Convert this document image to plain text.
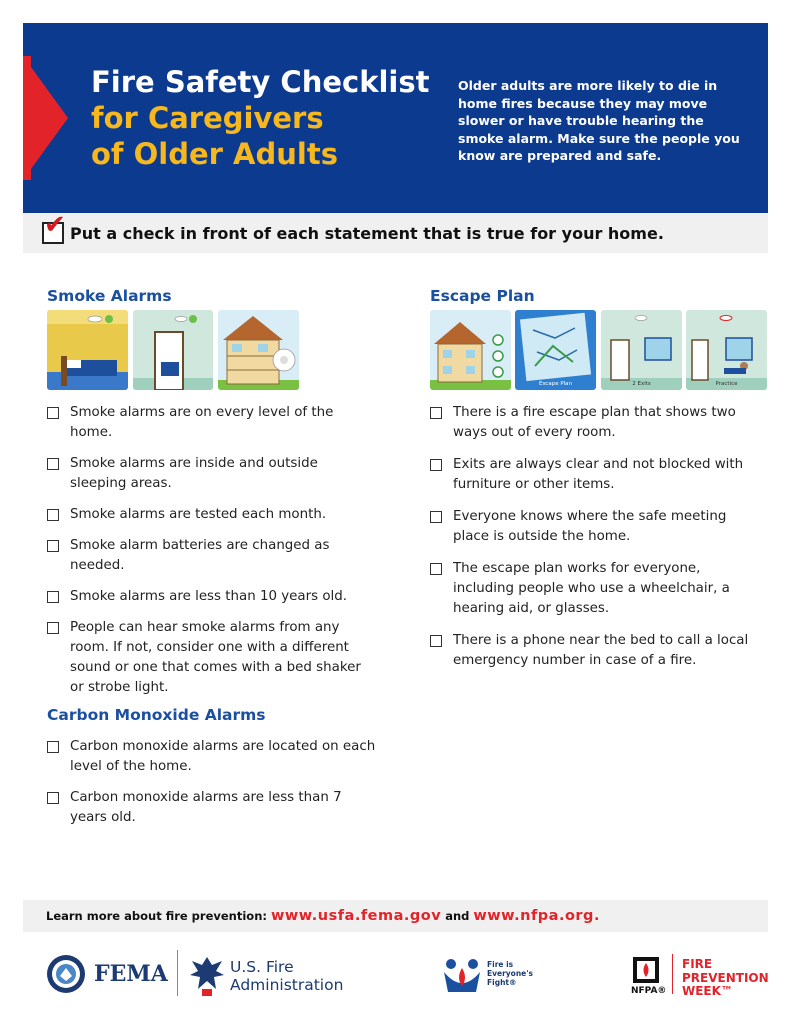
Fire Safety Checklist
for Caregivers
of Older Adults
Older adults are more likely to die in home fires because they may move slower or have trouble hearing the smoke alarm. Make sure the people you know are prepared and safe.
✔ Put a check in front of each statement that is true for your home.
Smoke Alarms
Smoke alarms are on every level of the home.
Smoke alarms are inside and outside sleeping areas.
Smoke alarms are tested each month.
Smoke alarm batteries are changed as needed.
Smoke alarms are less than 10 years old.
People can hear smoke alarms from any room. If not, consider one with a different sound or one that comes with a bed shaker or strobe light.
Carbon Monoxide Alarms
Carbon monoxide alarms are located on each level of the home.
Carbon monoxide alarms are less than 7 years old.
Escape Plan
Escape Plan	2 Exits	Practice
There is a fire escape plan that shows two ways out of every room.
Exits are always clear and not blocked with furniture or other items.
Everyone knows where the safe meeting place is outside the home.
The escape plan works for everyone, including people who use a wheelchair, a hearing aid, or glasses.
There is a phone near the bed to call a local emergency number in case of a fire.
Learn more about fire prevention: www.usfa.fema.gov and www.nfpa.org.
FEMA	U.S. Fire
Administration
Fire is
Everyone's
Fight®
NFPA®
FIRE
PREVENTION
WEEK™
